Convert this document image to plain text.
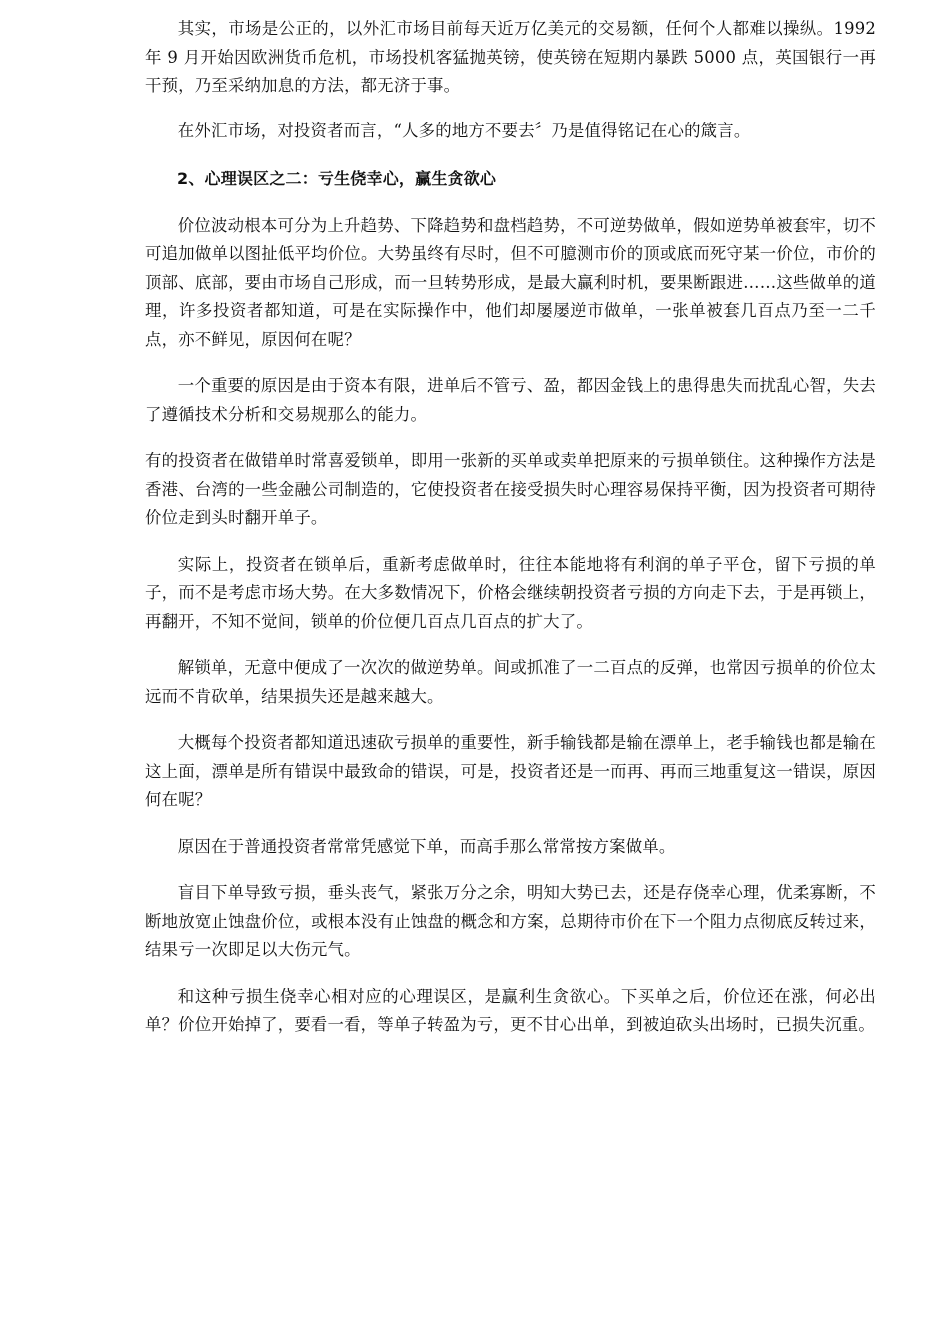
其实，市场是公正的，以外汇市场目前每天近万亿美元的交易额，任何个人都难以操纵。1992 年 9 月开始因欧洲货币危机，市场投机客猛抛英镑，使英镑在短期内暴跌 5000 点，英国银行一再干预，乃至采纳加息的方法，都无济于事。

在外汇市场，对投资者而言，“人多的地方不要去〞乃是值得铭记在心的箴言。

2、心理误区之二：亏生侥幸心，赢生贪欲心

价位波动根本可分为上升趋势、下降趋势和盘档趋势，不可逆势做单，假如逆势单被套牢，切不可追加做单以图扯低平均价位。大势虽终有尽时，但不可臆测市价的顶或底而死守某一价位，市价的顶部、底部，要由市场自己形成，而一旦转势形成，是最大赢利时机，要果断跟进……这些做单的道理，许多投资者都知道，可是在实际操作中，他们却屡屡逆市做单，一张单被套几百点乃至一二千点，亦不鲜见，原因何在呢？

一个重要的原因是由于资本有限，进单后不管亏、盈，都因金钱上的患得患失而扰乱心智，失去了遵循技术分析和交易规那么的能力。

有的投资者在做错单时常喜爱锁单，即用一张新的买单或卖单把原来的亏损单锁住。这种操作方法是香港、台湾的一些金融公司制造的，它使投资者在接受损失时心理容易保持平衡，因为投资者可期待价位走到头时翻开单子。

实际上，投资者在锁单后，重新考虑做单时，往往本能地将有利润的单子平仓，留下亏损的单子，而不是考虑市场大势。在大多数情况下，价格会继续朝投资者亏损的方向走下去，于是再锁上，再翻开，不知不觉间，锁单的价位便几百点几百点的扩大了。

解锁单，无意中便成了一次次的做逆势单。间或抓准了一二百点的反弹，也常因亏损单的价位太远而不肯砍单，结果损失还是越来越大。

大概每个投资者都知道迅速砍亏损单的重要性，新手输钱都是输在漂单上，老手输钱也都是输在这上面，漂单是所有错误中最致命的错误，可是，投资者还是一而再、再而三地重复这一错误，原因何在呢？

原因在于普通投资者常常凭感觉下单，而高手那么常常按方案做单。

盲目下单导致亏损，垂头丧气，紧张万分之余，明知大势已去，还是存侥幸心理，优柔寡断，不断地放宽止蚀盘价位，或根本没有止蚀盘的概念和方案，总期待市价在下一个阻力点彻底反转过来，结果亏一次即足以大伤元气。

和这种亏损生侥幸心相对应的心理误区，是赢利生贪欲心。下买单之后，价位还在涨，何必出单？价位开始掉了，要看一看，等单子转盈为亏，更不甘心出单，到被迫砍头出场时，已损失沉重。
